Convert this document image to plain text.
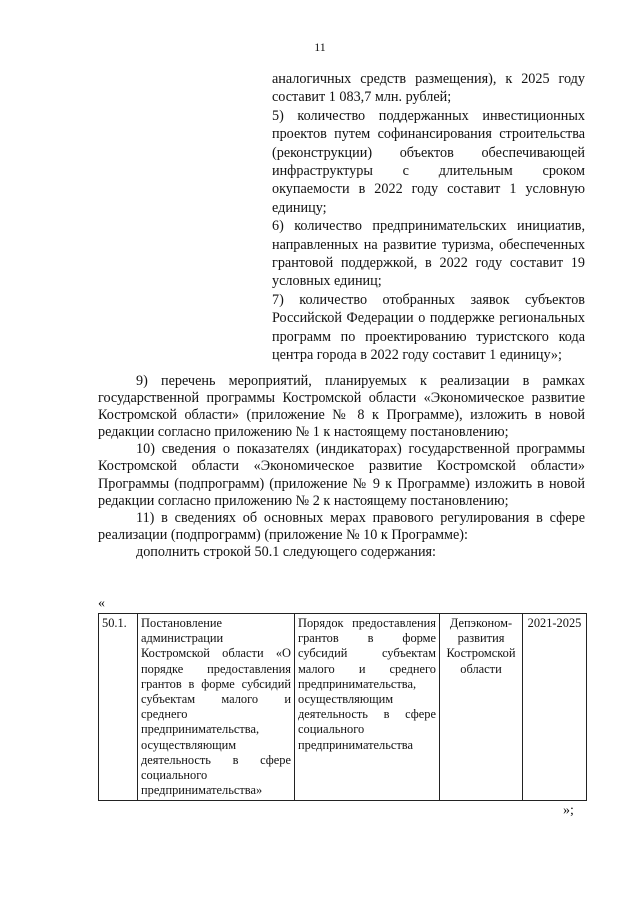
11

аналогичных средств размещения), к 2025 году составит 1 083,7 млн. рублей;

5) количество поддержанных инвестиционных проектов путем софинансирования строительства (реконструкции) объектов обеспечивающей инфраструктуры с длительным сроком окупаемости в 2022 году составит 1 условную единицу;

6) количество предпринимательских инициатив, направленных на развитие туризма, обеспеченных грантовой поддержкой, в 2022 году составит 19 условных единиц;

7) количество отобранных заявок субъектов Российской Федерации о поддержке региональных программ по проектированию туристского кода центра города в 2022 году составит 1 единицу»;

9) перечень мероприятий, планируемых к реализации в рамках государственной программы Костромской области «Экономическое развитие Костромской области» (приложение № 8 к Программе), изложить в новой редакции согласно приложению № 1 к настоящему постановлению;

10) сведения о показателях (индикаторах) государственной программы Костромской области «Экономическое развитие Костромской области» Программы (подпрограмм) (приложение № 9 к Программе) изложить в новой редакции согласно приложению № 2 к настоящему постановлению;

11) в сведениях об основных мерах правового регулирования в сфере реализации (подпрограмм) (приложение № 10 к Программе):

дополнить строкой 50.1 следующего содержания:

«
50.1.	Постановление администрации Костромской области «О порядке предоставления грантов в форме субсидий субъектам малого и среднего предпринимательства, осуществляющим деятельность в сфере социального предпринимательства»	Порядок предоставления грантов в форме субсидий субъектам малого и среднего предпринимательства, осуществляющим деятельность в сфере социального предпринимательства	Депэконом-развития Костромской области	2021-2025
»;
